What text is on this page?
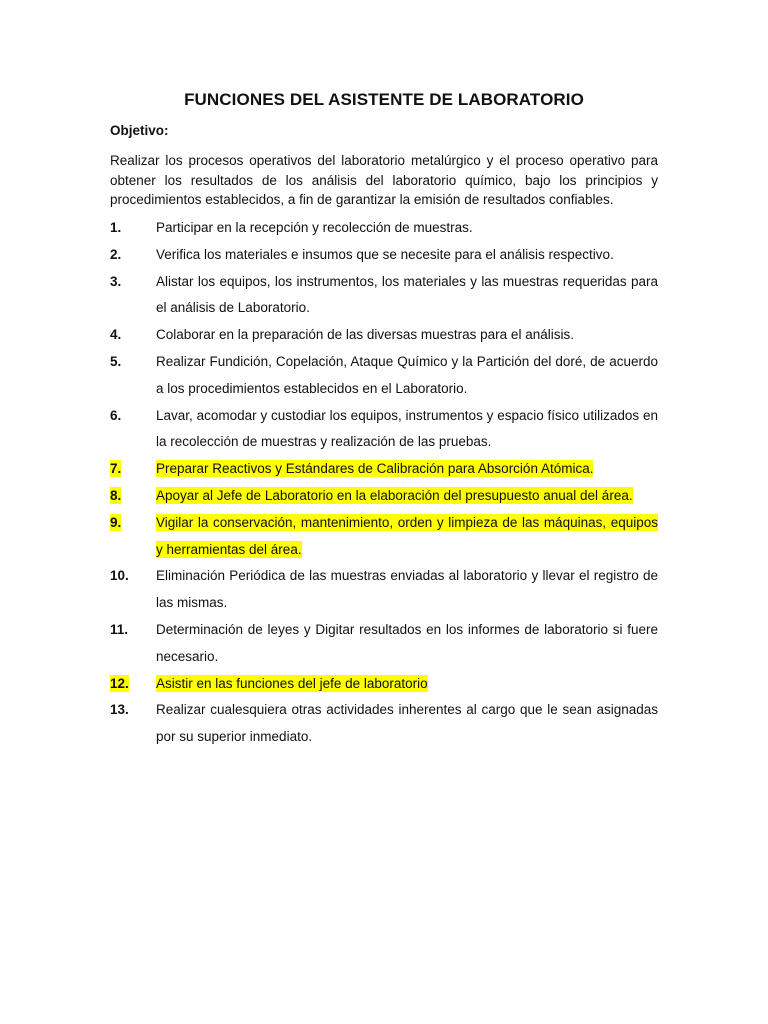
FUNCIONES DEL ASISTENTE DE LABORATORIO
Objetivo:

Realizar los procesos operativos del laboratorio metalúrgico y el proceso operativo para obtener los resultados de los análisis del laboratorio químico, bajo los principios y procedimientos establecidos, a fin de garantizar la emisión de resultados confiables.

1.	Participar en la recepción y recolección de muestras.
2.	Verifica los materiales e insumos que se necesite para el análisis respectivo.
3.	Alistar los equipos, los instrumentos, los materiales y las muestras requeridas para el análisis de Laboratorio.
4.	Colaborar en la preparación de las diversas muestras para el análisis.
5.	Realizar Fundición, Copelación, Ataque Químico y la Partición del doré, de acuerdo a los procedimientos establecidos en el Laboratorio.
6.	Lavar, acomodar y custodiar los equipos, instrumentos y espacio físico utilizados en la recolección de muestras y realización de las pruebas.
7.	Preparar Reactivos y Estándares de Calibración para Absorción Atómica.
8.	Apoyar al Jefe de Laboratorio en la elaboración del presupuesto anual del área.
9.	Vigilar la conservación, mantenimiento, orden y limpieza de las máquinas, equipos y herramientas del área.
10.	Eliminación Periódica de las muestras enviadas al laboratorio y llevar el registro de las mismas.
11.	Determinación de leyes y Digitar resultados en los informes de laboratorio si fuere necesario.
12.	Asistir en las funciones del jefe de laboratorio
13.	Realizar cualesquiera otras actividades inherentes al cargo que le sean asignadas por su superior inmediato.
